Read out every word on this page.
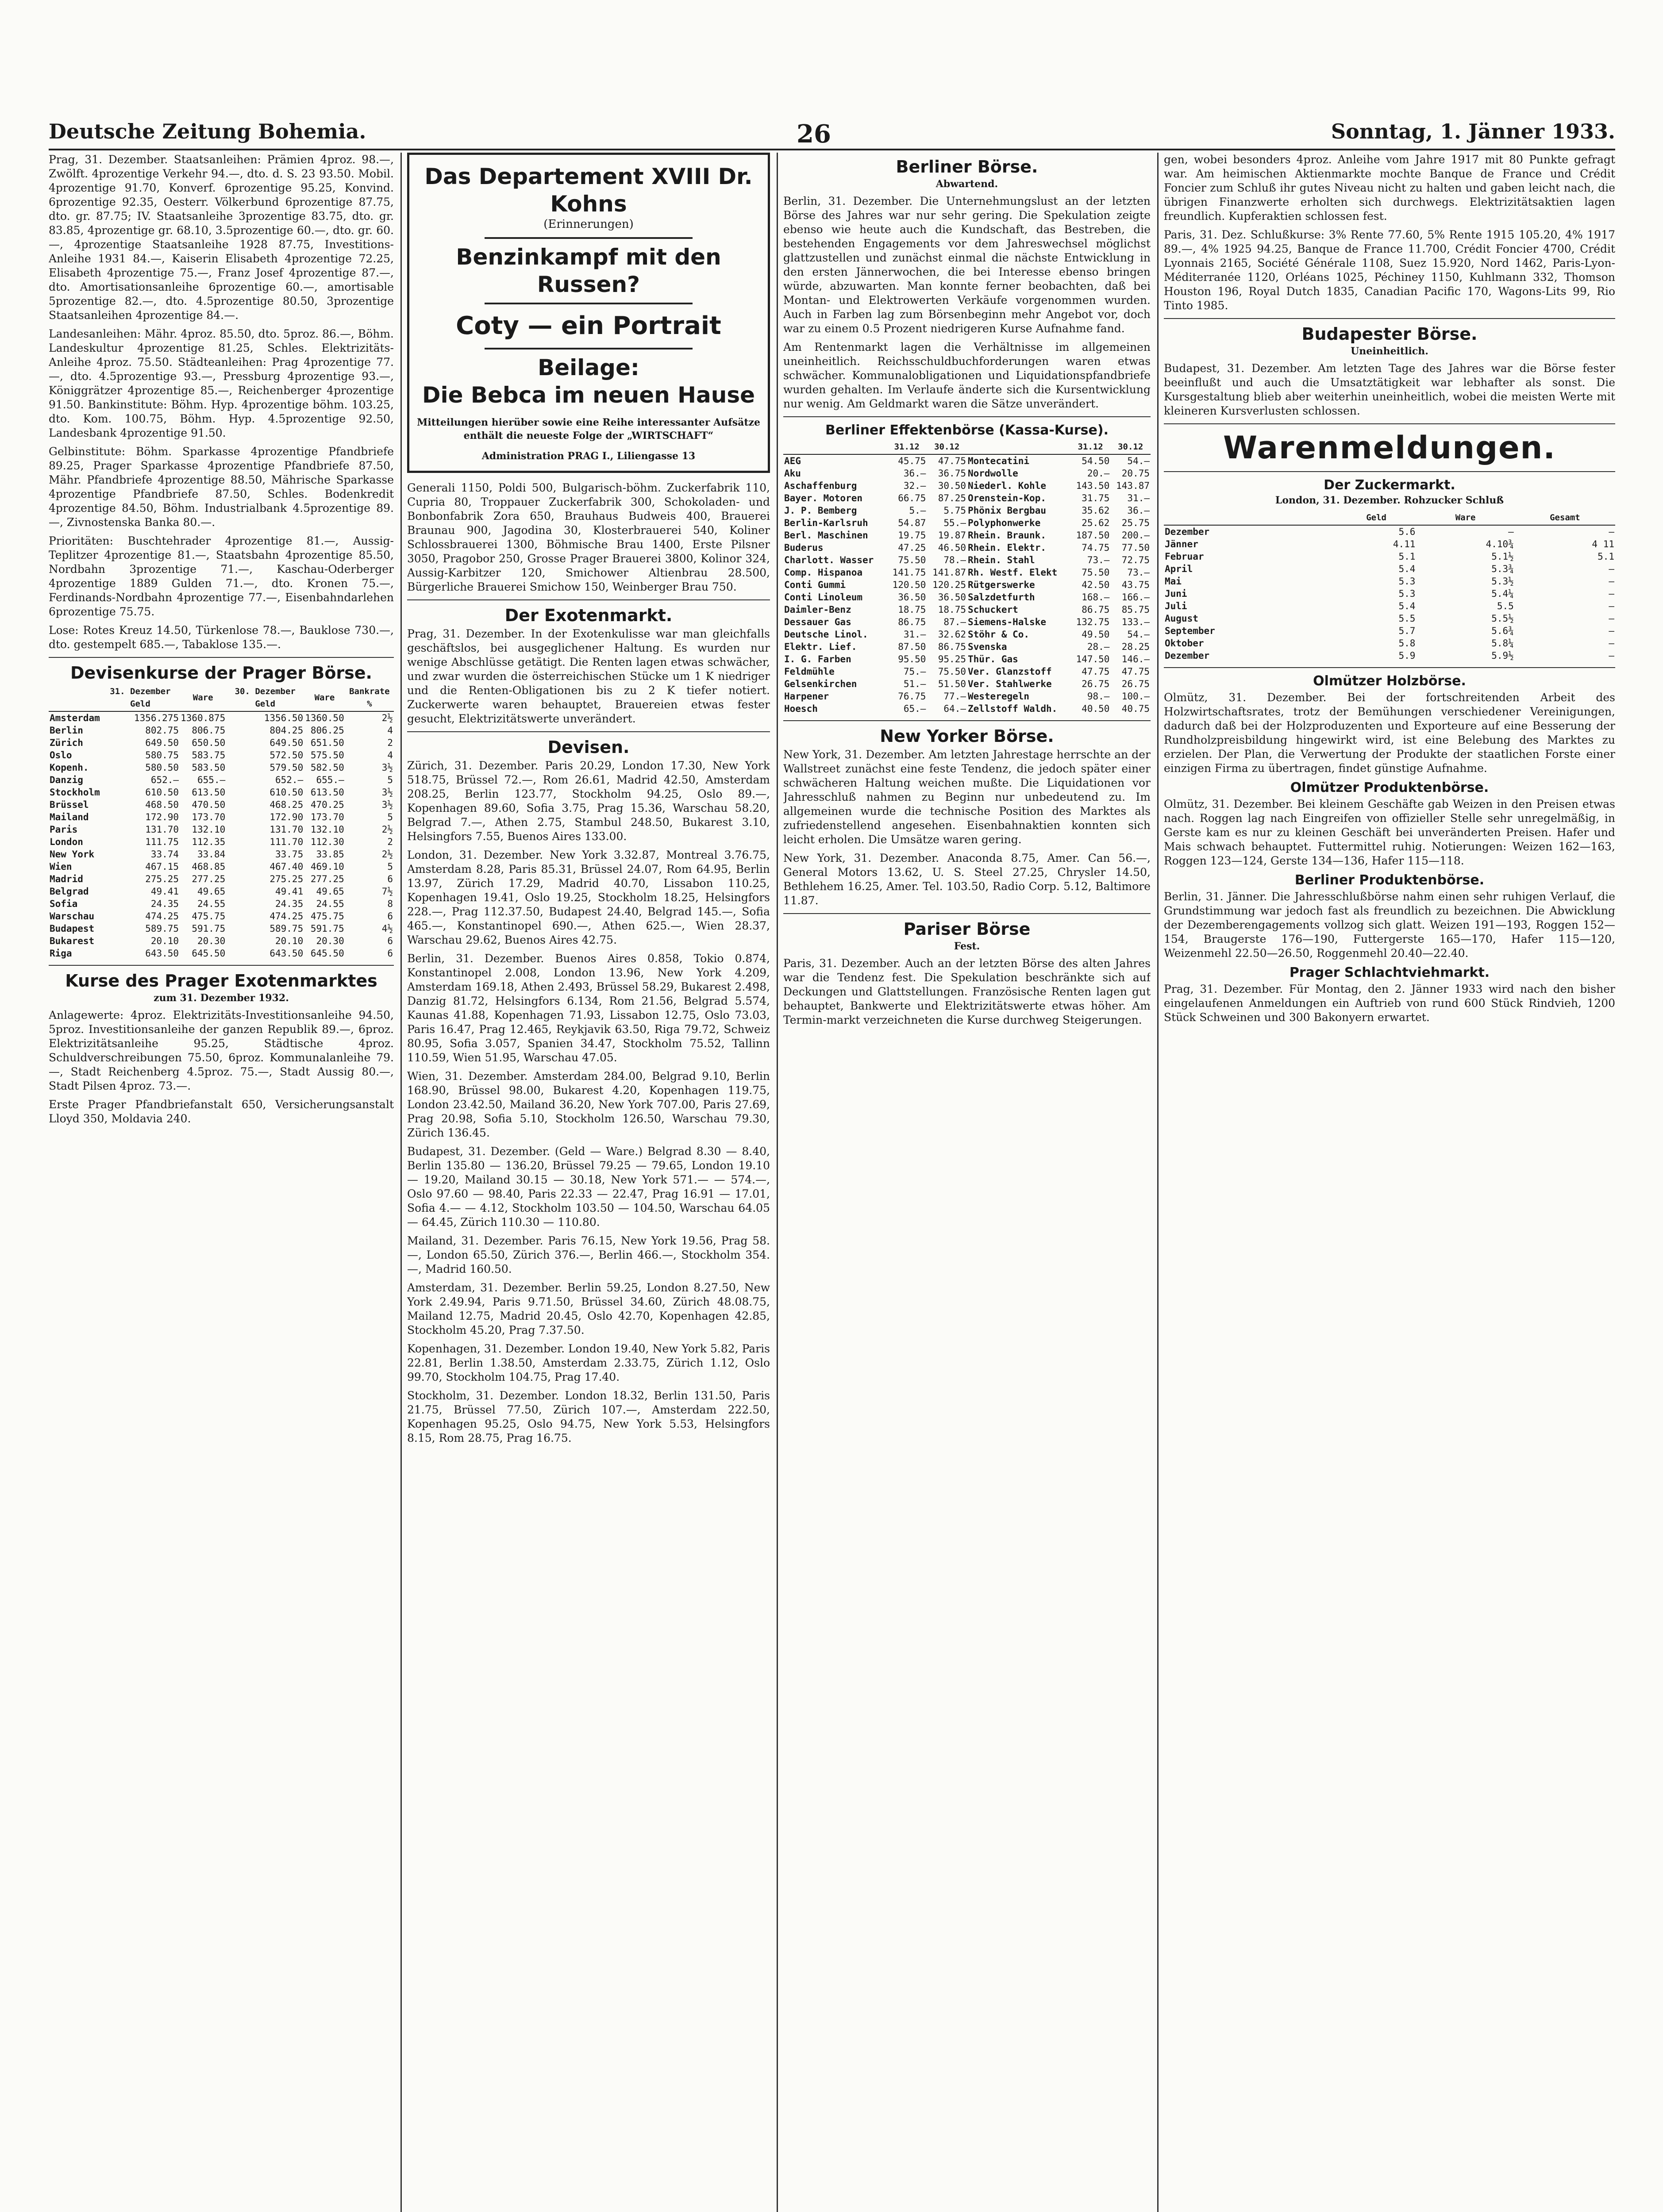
Deutsche Zeitung Bohemia.	26	Sonntag, 1. Jänner 1933.

Prag, 31. Dezember. Staatsanleihen: Prämien 4proz. 98.—, Zwölft. 4prozentige Verkehr 94.—, dto. d. S. 23 93.50. Mobil. 4prozentige 91.70, Konverf. 6prozentige 95.25, Konvind. 6prozentige 92.35, Oesterr. Völkerbund 6prozentige 87.75, dto. gr. 87.75; IV. Staatsanleihe 3prozentige 83.75, dto. gr. 83.85, 4prozentige gr. 68.10, 3.5prozentige 60.—, dto. gr. 60.—, 4prozentige Staatsanleihe 1928 87.75, Investitions-Anleihe 1931 84.—, Kaiserin Elisabeth 4prozentige 72.25, Elisabeth 4prozentige 75.—, Franz Josef 4prozentige 87.—, dto. Amortisationsanleihe 6prozentige 60.—, amortisable 5prozentige 82.—, dto. 4.5prozentige 80.50, 3prozentige Staatsanleihen 4prozentige 84.—.

Landesanleihen: Mähr. 4proz. 85.50, dto. 5proz. 86.—, Böhm. Landeskultur 4prozentige 81.25, Schles. Elektrizitäts-Anleihe 4proz. 75.50. Städteanleihen: Prag 4prozentige 77.—, dto. 4.5prozentige 93.—, Pressburg 4prozentige 93.—, Königgrätzer 4prozentige 85.—, Reichenberger 4prozentige 91.50. Bankinstitute: Böhm. Hyp. 4prozentige böhm. 103.25, dto. Kom. 100.75, Böhm. Hyp. 4.5prozentige 92.50, Landesbank 4prozentige 91.50.

Gelbinstitute: Böhm. Sparkasse 4prozentige Pfandbriefe 89.25, Prager Sparkasse 4prozentige Pfandbriefe 87.50, Mähr. Pfandbriefe 4prozentige 88.50, Mährische Sparkasse 4prozentige Pfandbriefe 87.50, Schles. Bodenkredit 4prozentige 84.50, Böhm. Industrialbank 4.5prozentige 89.—, Zivnostenska Banka 80.—.

Prioritäten: Buschtehrader 4prozentige 81.—, Aussig-Teplitzer 4prozentige 81.—, Staatsbahn 4prozentige 85.50, Nordbahn 3prozentige 71.—, Kaschau-Oderberger 4prozentige 1889 Gulden 71.—, dto. Kronen 75.—, Ferdinands-Nordbahn 4prozentige 77.—, Eisenbahndarlehen 6prozentige 75.75.

Lose: Rotes Kreuz 14.50, Türkenlose 78.—, Bauklose 730.—, dto. gestempelt 685.—, Tabaklose 135.—.

Devisenkurse der Prager Börse.
	31. Dezember Geld	Ware	30. Dezember Geld	Ware	Bankrate %
Amsterdam	1356.275	1360.875	1356.50	1360.50	2½
Berlin	802.75	806.75	804.25	806.25	4
Zürich	649.50	650.50	649.50	651.50	2
Oslo	580.75	583.75	572.50	575.50	4
Kopenh.	580.50	583.50	579.50	582.50	3½
Danzig	652.—	655.—	652.—	655.—	5
Stockholm	610.50	613.50	610.50	613.50	3½
Brüssel	468.50	470.50	468.25	470.25	3½
Mailand	172.90	173.70	172.90	173.70	5
Paris	131.70	132.10	131.70	132.10	2½
London	111.75	112.35	111.70	112.30	2
New York	33.74	33.84	33.75	33.85	2½
Wien	467.15	468.85	467.40	469.10	5
Madrid	275.25	277.25	275.25	277.25	6
Belgrad	49.41	49.65	49.41	49.65	7½
Sofia	24.35	24.55	24.35	24.55	8
Warschau	474.25	475.75	474.25	475.75	6
Budapest	589.75	591.75	589.75	591.75	4½
Bukarest	20.10	20.30	20.10	20.30	6
Riga	643.50	645.50	643.50	645.50	6
Kurse des Prager Exotenmarktes
zum 31. Dezember 1932.

Anlagewerte: 4proz. Elektrizitäts-Investitionsanleihe 94.50, 5proz. Investitionsanleihe der ganzen Republik 89.—, 6proz. Elektrizitätsanleihe 95.25, Städtische 4proz. Schuldverschreibungen 75.50, 6proz. Kommunalanleihe 79.—, Stadt Reichenberg 4.5proz. 75.—, Stadt Aussig 80.—, Stadt Pilsen 4proz. 73.—.

Erste Prager Pfandbriefanstalt 650, Versicherungsanstalt Lloyd 350, Moldavia 240.

Das Departement XVIII Dr. Kohns
(Erinnerungen)
Benzinkampf mit den Russen?
Coty — ein Portrait
Beilage:
Die Bebca im neuen Hause
Mitteilungen hierüber sowie eine Reihe interessanter Aufsätze enthält die neueste Folge der „WIRTSCHAFT“
Administration PRAG I., Liliengasse 13

Generali 1150, Poldi 500, Bulgarisch-böhm. Zuckerfabrik 110, Cupria 80, Troppauer Zuckerfabrik 300, Schokoladen- und Bonbonfabrik Zora 650, Brauhaus Budweis 400, Brauerei Braunau 900, Jagodina 30, Klosterbrauerei 540, Koliner Schlossbrauerei 1300, Böhmische Brau 1400, Erste Pilsner 3050, Pragobor 250, Grosse Prager Brauerei 3800, Kolinor 324, Aussig-Karbitzer 120, Smichower Altienbrau 28.500, Bürgerliche Brauerei Smichow 150, Weinberger Brau 750.

Der Exotenmarkt.

Prag, 31. Dezember. In der Exotenkulisse war man gleichfalls geschäftslos, bei ausgeglichener Haltung. Es wurden nur wenige Abschlüsse getätigt. Die Renten lagen etwas schwächer, und zwar wurden die österreichischen Stücke um 1 K niedriger und die Renten-Obligationen bis zu 2 K tiefer notiert. Zuckerwerte waren behauptet, Brauereien etwas fester gesucht, Elektrizitätswerte unverändert.

Devisen.

Zürich, 31. Dezember. Paris 20.29, London 17.30, New York 518.75, Brüssel 72.—, Rom 26.61, Madrid 42.50, Amsterdam 208.25, Berlin 123.77, Stockholm 94.25, Oslo 89.—, Kopenhagen 89.60, Sofia 3.75, Prag 15.36, Warschau 58.20, Belgrad 7.—, Athen 2.75, Stambul 248.50, Bukarest 3.10, Helsingfors 7.55, Buenos Aires 133.00.

London, 31. Dezember. New York 3.32.87, Montreal 3.76.75, Amsterdam 8.28, Paris 85.31, Brüssel 24.07, Rom 64.95, Berlin 13.97, Zürich 17.29, Madrid 40.70, Lissabon 110.25, Kopenhagen 19.41, Oslo 19.25, Stockholm 18.25, Helsingfors 228.—, Prag 112.37.50, Budapest 24.40, Belgrad 145.—, Sofia 465.—, Konstantinopel 690.—, Athen 625.—, Wien 28.37, Warschau 29.62, Buenos Aires 42.75.

Berlin, 31. Dezember. Buenos Aires 0.858, Tokio 0.874, Konstantinopel 2.008, London 13.96, New York 4.209, Amsterdam 169.18, Athen 2.493, Brüssel 58.29, Bukarest 2.498, Danzig 81.72, Helsingfors 6.134, Rom 21.56, Belgrad 5.574, Kaunas 41.88, Kopenhagen 71.93, Lissabon 12.75, Oslo 73.03, Paris 16.47, Prag 12.465, Reykjavik 63.50, Riga 79.72, Schweiz 80.95, Sofia 3.057, Spanien 34.47, Stockholm 75.52, Tallinn 110.59, Wien 51.95, Warschau 47.05.

Wien, 31. Dezember. Amsterdam 284.00, Belgrad 9.10, Berlin 168.90, Brüssel 98.00, Bukarest 4.20, Kopenhagen 119.75, London 23.42.50, Mailand 36.20, New York 707.00, Paris 27.69, Prag 20.98, Sofia 5.10, Stockholm 126.50, Warschau 79.30, Zürich 136.45.

Budapest, 31. Dezember. (Geld — Ware.) Belgrad 8.30 — 8.40, Berlin 135.80 — 136.20, Brüssel 79.25 — 79.65, London 19.10 — 19.20, Mailand 30.15 — 30.18, New York 571.— — 574.—, Oslo 97.60 — 98.40, Paris 22.33 — 22.47, Prag 16.91 — 17.01, Sofia 4.— — 4.12, Stockholm 103.50 — 104.50, Warschau 64.05 — 64.45, Zürich 110.30 — 110.80.

Mailand, 31. Dezember. Paris 76.15, New York 19.56, Prag 58.—, London 65.50, Zürich 376.—, Berlin 466.—, Stockholm 354.—, Madrid 160.50.

Amsterdam, 31. Dezember. Berlin 59.25, London 8.27.50, New York 2.49.94, Paris 9.71.50, Brüssel 34.60, Zürich 48.08.75, Mailand 12.75, Madrid 20.45, Oslo 42.70, Kopenhagen 42.85, Stockholm 45.20, Prag 7.37.50.

Kopenhagen, 31. Dezember. London 19.40, New York 5.82, Paris 22.81, Berlin 1.38.50, Amsterdam 2.33.75, Zürich 1.12, Oslo 99.70, Stockholm 104.75, Prag 17.40.

Stockholm, 31. Dezember. London 18.32, Berlin 131.50, Paris 21.75, Brüssel 77.50, Zürich 107.—, Amsterdam 222.50, Kopenhagen 95.25, Oslo 94.75, New York 5.53, Helsingfors 8.15, Rom 28.75, Prag 16.75.

Berliner Börse.
Abwartend.

Berlin, 31. Dezember. Die Unternehmungslust an der letzten Börse des Jahres war nur sehr gering. Die Spekulation zeigte ebenso wie heute auch die Kundschaft, das Bestreben, die bestehenden Engagements vor dem Jahreswechsel möglichst glattzustellen und zunächst einmal die nächste Entwicklung in den ersten Jännerwochen, die bei Interesse ebenso bringen würde, abzuwarten. Man konnte ferner beobachten, daß bei Montan- und Elektrowerten Verkäufe vorgenommen wurden. Auch in Farben lag zum Börsenbeginn mehr Angebot vor, doch war zu einem 0.5 Prozent niedrigeren Kurse Aufnahme fand.

Am Rentenmarkt lagen die Verhältnisse im allgemeinen uneinheitlich. Reichsschuldbuchforderungen waren etwas schwächer. Kommunalobligationen und Liquidationspfandbriefe wurden gehalten. Im Verlaufe änderte sich die Kursentwicklung nur wenig. Am Geldmarkt waren die Sätze unverändert.

Berliner Effektenbörse (Kassa-Kurse).
	31.12	30.12		31.12	30.12
AEG	45.75	47.75	Montecatini	54.50	54.—
Aku	36.—	36.75	Nordwolle	20.—	20.75
Aschaffenburg	32.—	30.50	Niederl. Kohle	143.50	143.87
Bayer. Motoren	66.75	87.25	Orenstein-Kop.	31.75	31.—
J. P. Bemberg	5.—	5.75	Phönix Bergbau	35.62	36.—
Berlin-Karlsruh	54.87	55.—	Polyphonwerke	25.62	25.75
Berl. Maschinen	19.75	19.87	Rhein. Braunk.	187.50	200.—
Buderus	47.25	46.50	Rhein. Elektr.	74.75	77.50
Charlott. Wasser	75.50	78.—	Rhein. Stahl	73.—	72.75
Comp. Hispanoa	141.75	141.87	Rh. Westf. Elekt	75.50	73.—
Conti Gummi	120.50	120.25	Rütgerswerke	42.50	43.75
Conti Linoleum	36.50	36.50	Salzdetfurth	168.—	166.—
Daimler-Benz	18.75	18.75	Schuckert	86.75	85.75
Dessauer Gas	86.75	87.—	Siemens-Halske	132.75	133.—
Deutsche Linol.	31.—	32.62	Stöhr & Co.	49.50	54.—
Elektr. Lief.	87.50	86.75	Svenska	28.—	28.25
I. G. Farben	95.50	95.25	Thür. Gas	147.50	146.—
Feldmühle	75.—	75.50	Ver. Glanzstoff	47.75	47.75
Gelsenkirchen	51.—	51.50	Ver. Stahlwerke	26.75	26.75
Harpener	76.75	77.—	Westeregeln	98.—	100.—
Hoesch	65.—	64.—	Zellstoff Waldh.	40.50	40.75
New Yorker Börse.

New York, 31. Dezember. Am letzten Jahrestage herrschte an der Wallstreet zunächst eine feste Tendenz, die jedoch später einer schwächeren Haltung weichen mußte. Die Liquidationen vor Jahresschluß nahmen zu Beginn nur unbedeutend zu. Im allgemeinen wurde die technische Position des Marktes als zufriedenstellend angesehen. Eisenbahnaktien konnten sich leicht erholen. Die Umsätze waren gering.

New York, 31. Dezember. Anaconda 8.75, Amer. Can 56.—, General Motors 13.62, U. S. Steel 27.25, Chrysler 14.50, Bethlehem 16.25, Amer. Tel. 103.50, Radio Corp. 5.12, Baltimore 11.87.

Pariser Börse
Fest.

Paris, 31. Dezember. Auch an der letzten Börse des alten Jahres war die Tendenz fest. Die Spekulation beschränkte sich auf Deckungen und Glattstellungen. Französische Renten lagen gut behauptet, Bankwerte und Elektrizitätswerte etwas höher. Am Termin-markt verzeichneten die Kurse durchweg Steigerungen.

gen, wobei besonders 4proz. Anleihe vom Jahre 1917 mit 80 Punkte gefragt war. Am heimischen Aktienmarkte mochte Banque de France und Crédit Foncier zum Schluß ihr gutes Niveau nicht zu halten und gaben leicht nach, die übrigen Finanzwerte erholten sich durchwegs. Elektrizitätsaktien lagen freundlich. Kupferaktien schlossen fest.

Paris, 31. Dez. Schlußkurse: 3% Rente 77.60, 5% Rente 1915 105.20, 4% 1917 89.—, 4% 1925 94.25, Banque de France 11.700, Crédit Foncier 4700, Crédit Lyonnais 2165, Société Générale 1108, Suez 15.920, Nord 1462, Paris-Lyon-Méditerranée 1120, Orléans 1025, Péchiney 1150, Kuhlmann 332, Thomson Houston 196, Royal Dutch 1835, Canadian Pacific 170, Wagons-Lits 99, Rio Tinto 1985.

Budapester Börse.
Uneinheitlich.

Budapest, 31. Dezember. Am letzten Tage des Jahres war die Börse fester beeinflußt und auch die Umsatztätigkeit war lebhafter als sonst. Die Kursgestaltung blieb aber weiterhin uneinheitlich, wobei die meisten Werte mit kleineren Kursverlusten schlossen.

Warenmeldungen.
Der Zuckermarkt.
London, 31. Dezember. Rohzucker Schluß
	Geld	Ware	Gesamt
Dezember	5.6	—	—
Jänner	4.11	4.10¾	4 11
Februar	5.1	5.1½	5.1
April	5.4	5.3¾	—
Mai	5.3	5.3½	—
Juni	5.3	5.4¼	—
Juli	5.4	5.5	—
August	5.5	5.5½	—
September	5.7	5.6¾	—
Oktober	5.8	5.8¼	—
Dezember	5.9	5.9½	—
Olmützer Holzbörse.

Olmütz, 31. Dezember. Bei der fortschreitenden Arbeit des Holzwirtschaftsrates, trotz der Bemühungen verschiedener Vereinigungen, dadurch daß bei der Holzproduzenten und Exporteure auf eine Besserung der Rundholzpreisbildung hingewirkt wird, ist eine Belebung des Marktes zu erzielen. Der Plan, die Verwertung der Produkte der staatlichen Forste einer einzigen Firma zu übertragen, findet günstige Aufnahme.

Olmützer Produktenbörse.

Olmütz, 31. Dezember. Bei kleinem Geschäfte gab Weizen in den Preisen etwas nach. Roggen lag nach Eingreifen von offizieller Stelle sehr unregelmäßig, in Gerste kam es nur zu kleinen Geschäft bei unveränderten Preisen. Hafer und Mais schwach behauptet. Futtermittel ruhig. Notierungen: Weizen 162—163, Roggen 123—124, Gerste 134—136, Hafer 115—118.

Berliner Produktenbörse.

Berlin, 31. Jänner. Die Jahresschlußbörse nahm einen sehr ruhigen Verlauf, die Grundstimmung war jedoch fast als freundlich zu bezeichnen. Die Abwicklung der Dezemberengagements vollzog sich glatt. Weizen 191—193, Roggen 152—154, Braugerste 176—190, Futtergerste 165—170, Hafer 115—120, Weizenmehl 22.50—26.50, Roggenmehl 20.40—22.40.

Prager Schlachtviehmarkt.

Prag, 31. Dezember. Für Montag, den 2. Jänner 1933 wird nach den bisher eingelaufenen Anmeldungen ein Auftrieb von rund 600 Stück Rindvieh, 1200 Stück Schweinen und 300 Bakonyern erwartet.
